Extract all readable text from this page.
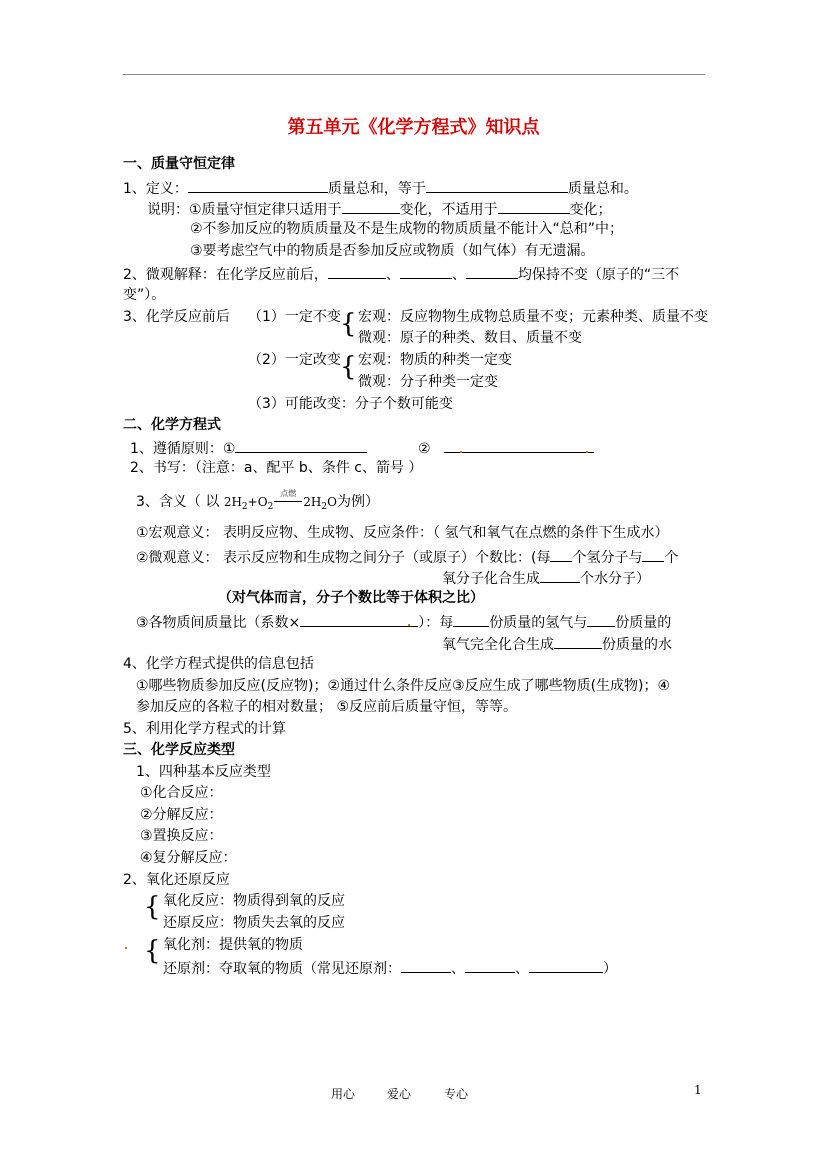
第五单元《化学方程式》知识点
一、质量守恒定律
1、定义：	质量总和，等于	质量总和。
说明：①质量守恒定律只适用于	变化，不适用于	变化；
②不参加反应的物质质量及不是生成物的物质质量不能计入“总和”中；
③要考虑空气中的物质是否参加反应或物质（如气体）有无遗漏。
2、微观解释：在化学反应前后，	、	、	均保持不变（原子的“三不
变”）。
3、化学反应前后 （1）一定不变 { 宏观：反应物物生成物总质量不变；元素种类、质量不变
微观：原子的种类、数目、质量不变
（2）一定改变 { 宏观：物质的种类一定变
微观：分子种类一定变
（3）可能改变：分子个数可能变
二、化学方程式
1、遵循原则：①	②
2、书写：（注意：a、配平 b、条件 c、箭号 ）
3、含义（ 以 $2H_2+O_2$
点燃
$2H_2O$为例）
①宏观意义： 表明反应物、生成物、反应条件：（ 氢气和氧气在点燃的条件下生成水）
②微观意义： 表示反应物和生成物之间分子（或原子）个数比：(每 个氢分子与 个
氧分子化合生成	个水分子）
（对气体而言，分子个数比等于体积之比）
③各物质间质量比（系数×	）：每	份质量的氢气与 份质量的
氧气完全化合生成	份质量的水
4、化学方程式提供的信息包括
①哪些物质参加反应(反应物)；②通过什么条件反应③反应生成了哪些物质(生成物)；④
参加反应的各粒子的相对数量； ⑤反应前后质量守恒，等等。
5、利用化学方程式的计算
三、化学反应类型
1、四种基本反应类型
①化合反应：
②分解反应：
③置换反应：
④复分解反应：
2、氧化还原反应
{ 氧化反应：物质得到氧的反应
还原反应：物质失去氧的反应
{ 氧化剂：提供氧的物质
还原剂：夺取氧的物质（常见还原剂：	、	、	）
用心	爱心	专心	1
